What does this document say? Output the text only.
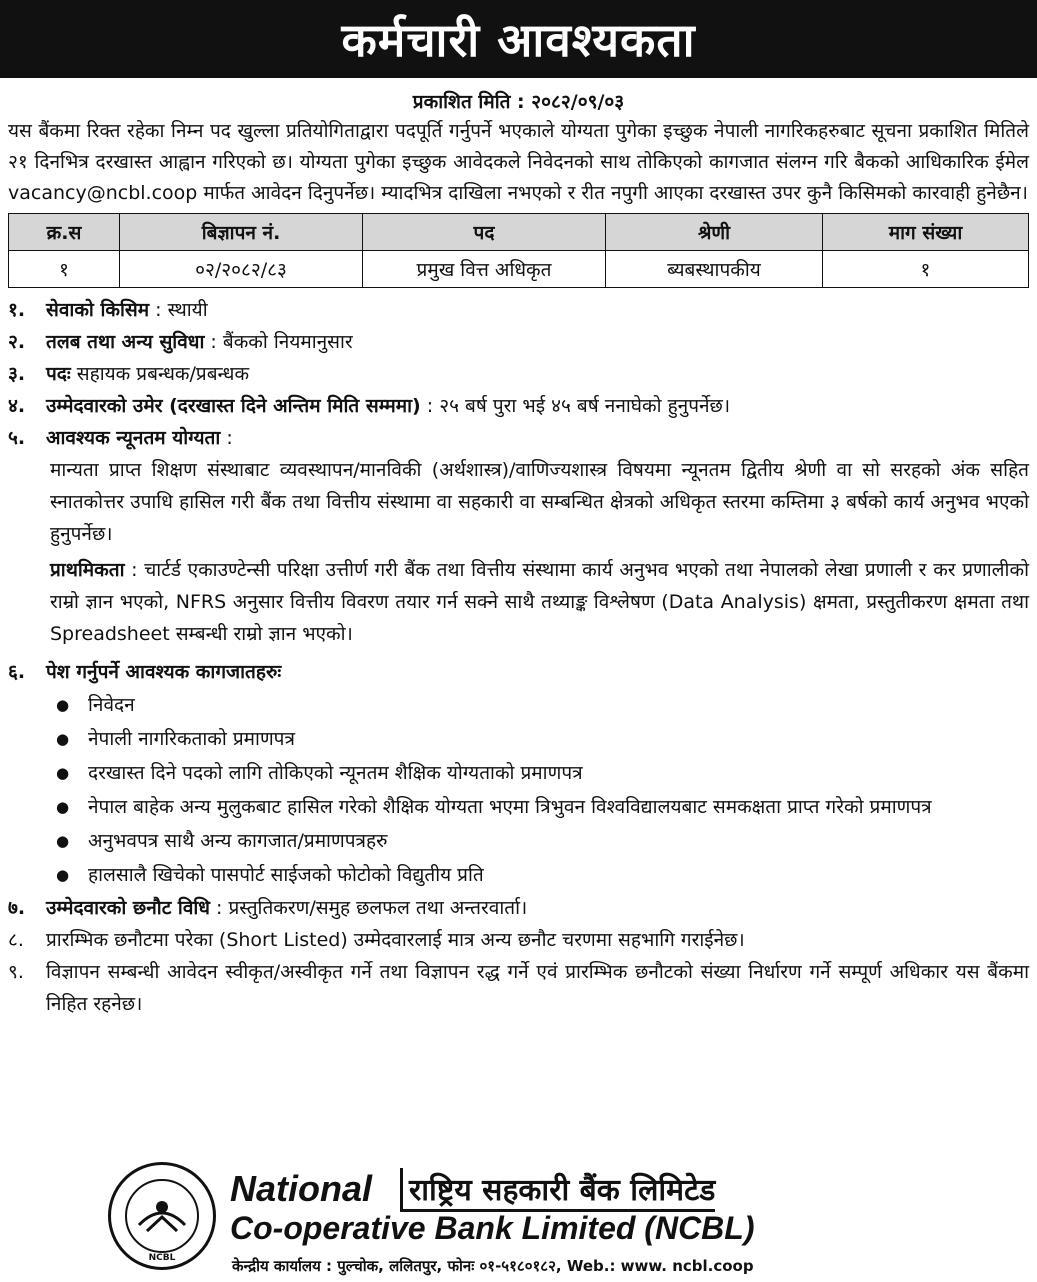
कर्मचारी आवश्यकता
प्रकाशित मिति : २०८२/०९/०३
यस बैंकमा रिक्त रहेका निम्न पद खुल्ला प्रतियोगिताद्वारा पदपूर्ति गर्नुपर्ने भएकाले योग्यता पुगेका इच्छुक नेपाली नागरिकहरुबाट सूचना प्रकाशित मितिले २१ दिनभित्र दरखास्त आह्वान गरिएको छ। योग्यता पुगेका इच्छुक आवेदकले निवेदनको साथ तोकिएको कागजात संलग्न गरि बैकको आधिकारिक ईमेल vacancy@ncbl.coop मार्फत आवेदन दिनुपर्नेछ। म्यादभित्र दाखिला नभएको र रीत नपुगी आएका दरखास्त उपर कुनै किसिमको कारवाही हुनेछैन।
क्र.स	बिज्ञापन नं.	पद	श्रेणी	माग संख्या
१	०२/२०८२/८३	प्रमुख वित्त अधिकृत	ब्यबस्थापकीय	१
१.	सेवाको किसिम : स्थायी
२.	तलब तथा अन्य सुविधा : बैंकको नियमानुसार
३.	पदः सहायक प्रबन्धक/प्रबन्धक
४.	उम्मेदवारको उमेर (दरखास्त दिने अन्तिम मिति सम्ममा) : २५ बर्ष पुरा भई ४५ बर्ष ननाघेको हुनुपर्नेछ।
५.	आवश्यक न्यूनतम योग्यता :
मान्यता प्राप्त शिक्षण संस्थाबाट व्यवस्थापन/मानविकी (अर्थशास्त्र)/वाणिज्यशास्त्र विषयमा न्यूनतम द्वितीय श्रेणी वा सो सरहको अंक सहित स्नातकोत्तर उपाधि हासिल गरी बैंक तथा वित्तीय संस्थामा वा सहकारी वा सम्बन्धित क्षेत्रको अधिकृत स्तरमा कम्तिमा ३ बर्षको कार्य अनुभव भएको हुनुपर्नेछ।
प्राथमिकता : चार्टर्ड एकाउण्टेन्सी परिक्षा उत्तीर्ण गरी बैंक तथा वित्तीय संस्थामा कार्य अनुभव भएको तथा नेपालको लेखा प्रणाली र कर प्रणालीको राम्रो ज्ञान भएको, NFRS अनुसार वित्तीय विवरण तयार गर्न सक्ने साथै तथ्याङ्क विश्लेषण (Data Analysis) क्षमता, प्रस्तुतीकरण क्षमता तथा Spreadsheet सम्बन्धी राम्रो ज्ञान भएको।
६.	पेश गर्नुपर्ने आवश्यक कागजातहरुः
● निवेदन
● नेपाली नागरिकताको प्रमाणपत्र
● दरखास्त दिने पदको लागि तोकिएको न्यूनतम शैक्षिक योग्यताको प्रमाणपत्र
● नेपाल बाहेक अन्य मुलुकबाट हासिल गरेको शैक्षिक योग्यता भएमा त्रिभुवन विश्वविद्यालयबाट समकक्षता प्राप्त गरेको प्रमाणपत्र
● अनुभवपत्र साथै अन्य कागजात/प्रमाणपत्रहरु
● हालसालै खिचेको पासपोर्ट साईजको फोटोको विद्युतीय प्रति
७.	उम्मेदवारको छनौट विधि : प्रस्तुतिकरण/समुह छलफल तथा अन्तरवार्ता।
८.	प्रारम्भिक छनौटमा परेका (Short Listed) उम्मेदवारलाई मात्र अन्य छनौट चरणमा सहभागि गराईनेछ।
९.	विज्ञापन सम्बन्धी आवेदन स्वीकृत/अस्वीकृत गर्ने तथा विज्ञापन रद्ध गर्ने एवं प्रारम्भिक छनौटको संख्या निर्धारण गर्ने सम्पूर्ण अधिकार यस बैंकमा निहित रहनेछ।
NCBL
National	राष्ट्रिय सहकारी बैंक लिमिटेड
Co-operative Bank Limited (NCBL)
केन्द्रीय कार्यालय : पुल्चोक, ललितपुर, फोनः ०१-५१८०१८२, Web.: www. ncbl.coop
